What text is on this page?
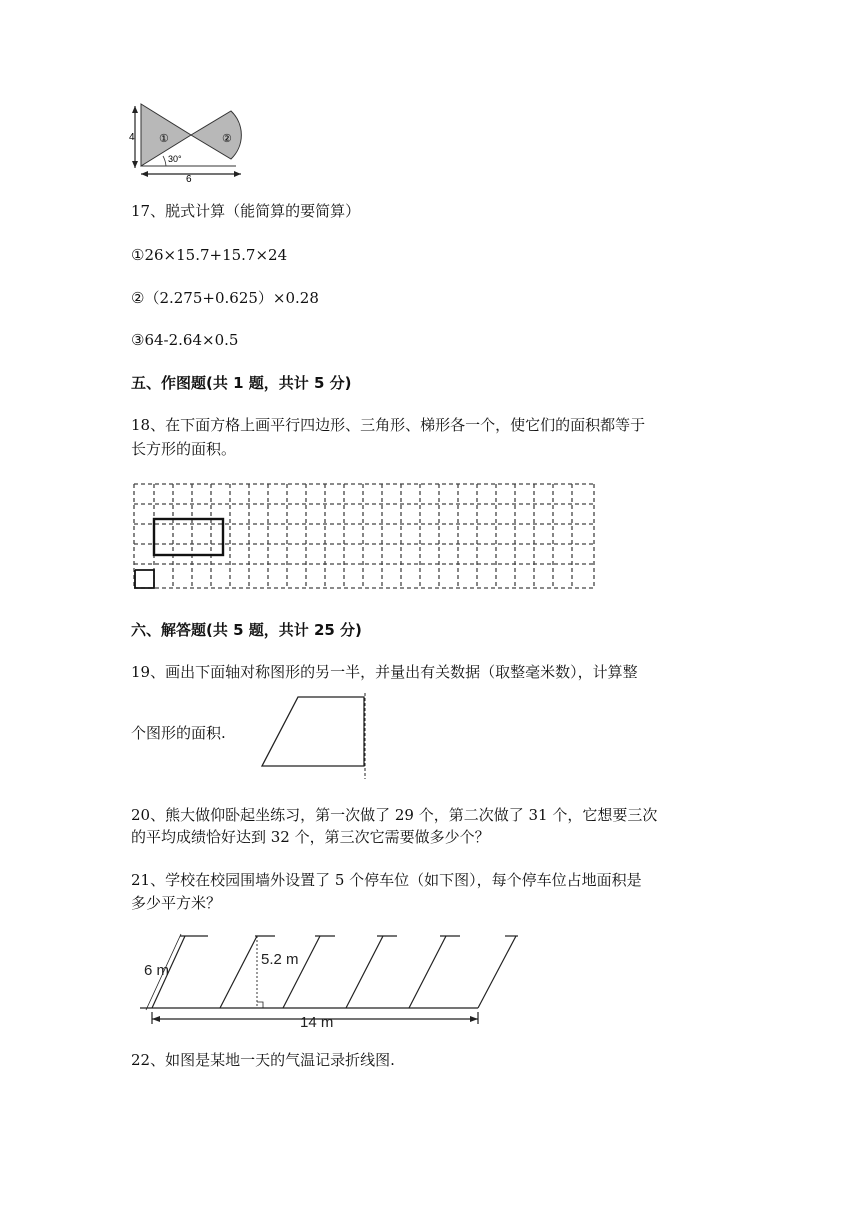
4 ①	②
30°
6
17、脱式计算（能简算的要简算）
①26×15.7+15.7×24
②（2.275+0.625）×0.28
③64-2.64×0.5
五、作图题(共 1 题，共计 5 分)
18、在下面方格上画平行四边形、三角形、梯形各一个，使它们的面积都等于
长方形的面积。
六、解答题(共 5 题，共计 25 分)
19、画出下面轴对称图形的另一半，并量出有关数据（取整毫米数），计算整
个图形的面积.
20、熊大做仰卧起坐练习，第一次做了 29 个，第二次做了 31 个，它想要三次
的平均成绩恰好达到 32 个，第三次它需要做多少个？
21、学校在校园围墙外设置了 5 个停车位（如下图），每个停车位占地面积是
多少平方米？
6 m
5.2 m
14 m
22、如图是某地一天的气温记录折线图.
